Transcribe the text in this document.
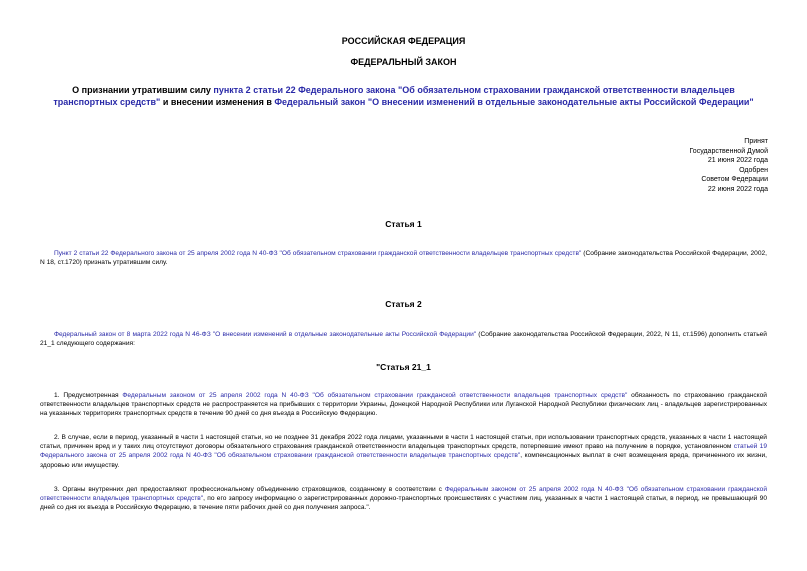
РОССИЙСКАЯ ФЕДЕРАЦИЯ
ФЕДЕРАЛЬНЫЙ ЗАКОН
О признании утратившим силу пункта 2 статьи 22 Федерального закона "Об обязательном страховании гражданской ответственности владельцев транспортных средств" и внесении изменения в Федеральный закон "О внесении изменений в отдельные законодательные акты Российской Федерации"
Принят
Государственной Думой
21 июня 2022 года
Одобрен
Советом Федерации
22 июня 2022 года
Статья 1
Пункт 2 статьи 22 Федерального закона от 25 апреля 2002 года N 40-ФЗ "Об обязательном страховании гражданской ответственности владельцев транспортных средств" (Собрание законодательства Российской Федерации, 2002, N 18, ст.1720) признать утратившим силу.
Статья 2
Федеральный закон от 8 марта 2022 года N 46-ФЗ "О внесении изменений в отдельные законодательные акты Российской Федерации" (Собрание законодательства Российской Федерации, 2022, N 11, ст.1596) дополнить статьей 21_1 следующего содержания:
"Статья 21_1
1. Предусмотренная Федеральным законом от 25 апреля 2002 года N 40-ФЗ "Об обязательном страховании гражданской ответственности владельцев транспортных средств" обязанность по страхованию гражданской ответственности владельцев транспортных средств не распространяется на прибывших с территории Украины, Донецкой Народной Республики или Луганской Народной Республики физических лиц - владельцев зарегистрированных на указанных территориях транспортных средств в течение 90 дней со дня въезда в Российскую Федерацию.
2. В случае, если в период, указанный в части 1 настоящей статьи, но не позднее 31 декабря 2022 года лицами, указанными в части 1 настоящей статьи, при использовании транспортных средств, указанных в части 1 настоящей статьи, причинен вред и у таких лиц отсутствуют договоры обязательного страхования гражданской ответственности владельцев транспортных средств, потерпевшие имеют право на получение в порядке, установленном статьей 19 Федерального закона от 25 апреля 2002 года N 40-ФЗ "Об обязательном страховании гражданской ответственности владельцев транспортных средств", компенсационных выплат в счет возмещения вреда, причиненного их жизни, здоровью или имуществу.
3. Органы внутренних дел предоставляют профессиональному объединению страховщиков, созданному в соответствии с Федеральным законом от 25 апреля 2002 года N 40-ФЗ "Об обязательном страховании гражданской ответственности владельцев транспортных средств", по его запросу информацию о зарегистрированных дорожно-транспортных происшествиях с участием лиц, указанных в части 1 настоящей статьи, в период, не превышающий 90 дней со дня их въезда в Российскую Федерацию, в течение пяти рабочих дней со дня получения запроса.".
